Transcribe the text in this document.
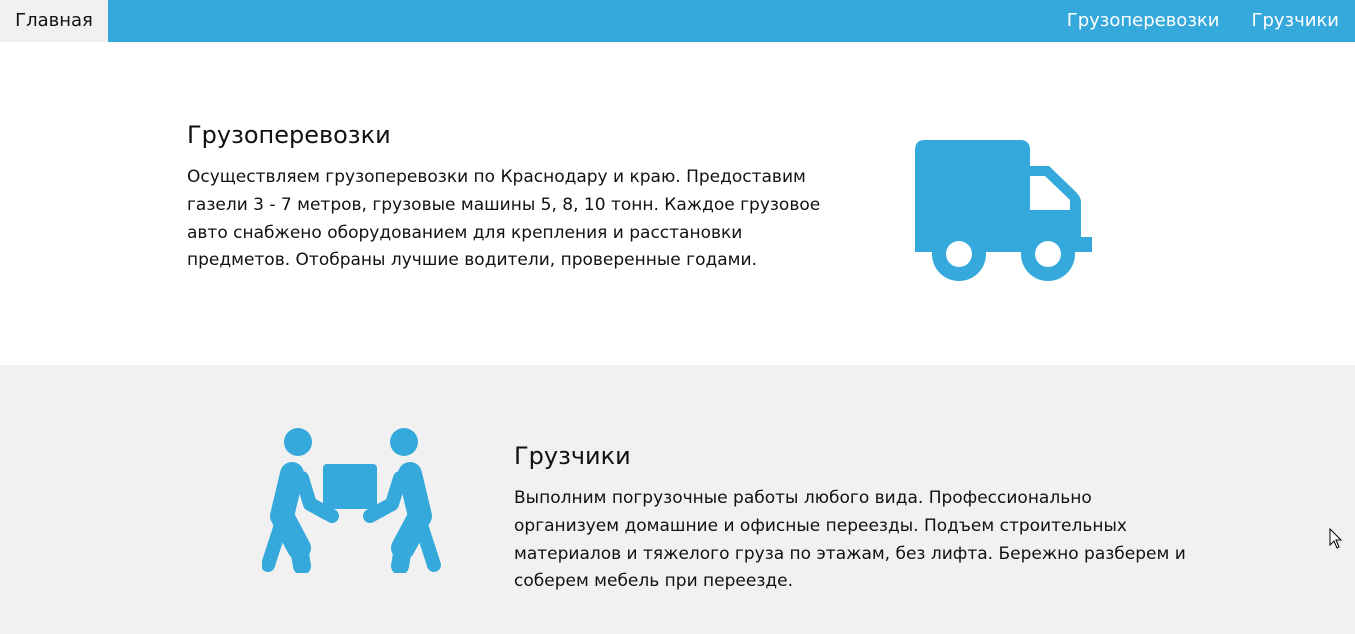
Главная	Грузоперевозки	Грузчики
Грузоперевозки

Осуществляем грузоперевозки по Краснодару и краю. Предоставим газели 3 - 7 метров, грузовые машины 5, 8, 10 тонн. Каждое грузовое авто снабжено оборудованием для крепления и расстановки предметов. Отобраны лучшие водители, проверенные годами.

Грузчики

Выполним погрузочные работы любого вида. Профессионально организуем домашние и офисные переезды. Подъем строительных материалов и тяжелого груза по этажам, без лифта. Бережно разберем и соберем мебель при переезде.
